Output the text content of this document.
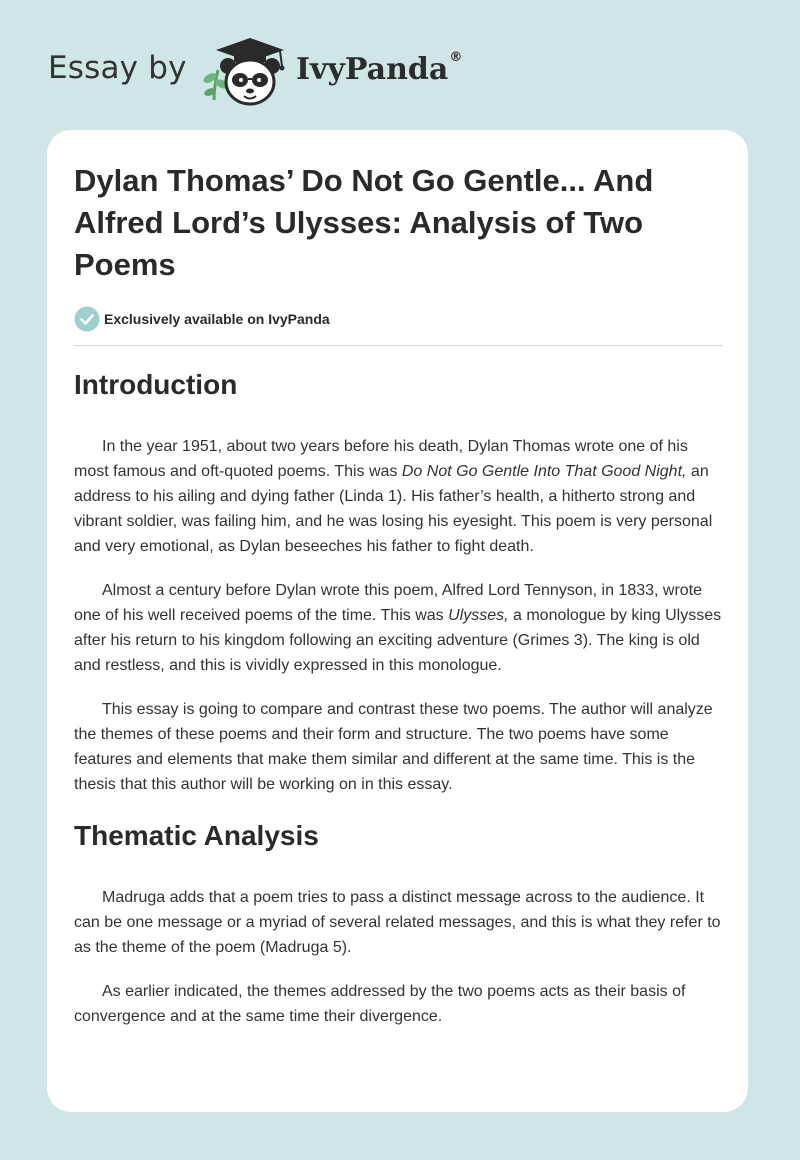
Essay by	IvyPanda®
Dylan Thomas’ Do Not Go Gentle... And Alfred Lord’s Ulysses: Analysis of Two Poems
Exclusively available on IvyPanda
Introduction

In the year 1951, about two years before his death, Dylan Thomas wrote one of his most famous and oft-quoted poems. This was Do Not Go Gentle Into That Good Night, an address to his ailing and dying father (Linda 1). His father’s health, a hitherto strong and vibrant soldier, was failing him, and he was losing his eyesight. This poem is very personal and very emotional, as Dylan beseeches his father to fight death.

Almost a century before Dylan wrote this poem, Alfred Lord Tennyson, in 1833, wrote one of his well received poems of the time. This was Ulysses, a monologue by king Ulysses after his return to his kingdom following an exciting adventure (Grimes 3). The king is old and restless, and this is vividly expressed in this monologue.

This essay is going to compare and contrast these two poems. The author will analyze the themes of these poems and their form and structure. The two poems have some features and elements that make them similar and different at the same time. This is the thesis that this author will be working on in this essay.

Thematic Analysis

Madruga adds that a poem tries to pass a distinct message across to the audience. It can be one message or a myriad of several related messages, and this is what they refer to as the theme of the poem (Madruga 5).

As earlier indicated, the themes addressed by the two poems acts as their basis of convergence and at the same time their divergence.
